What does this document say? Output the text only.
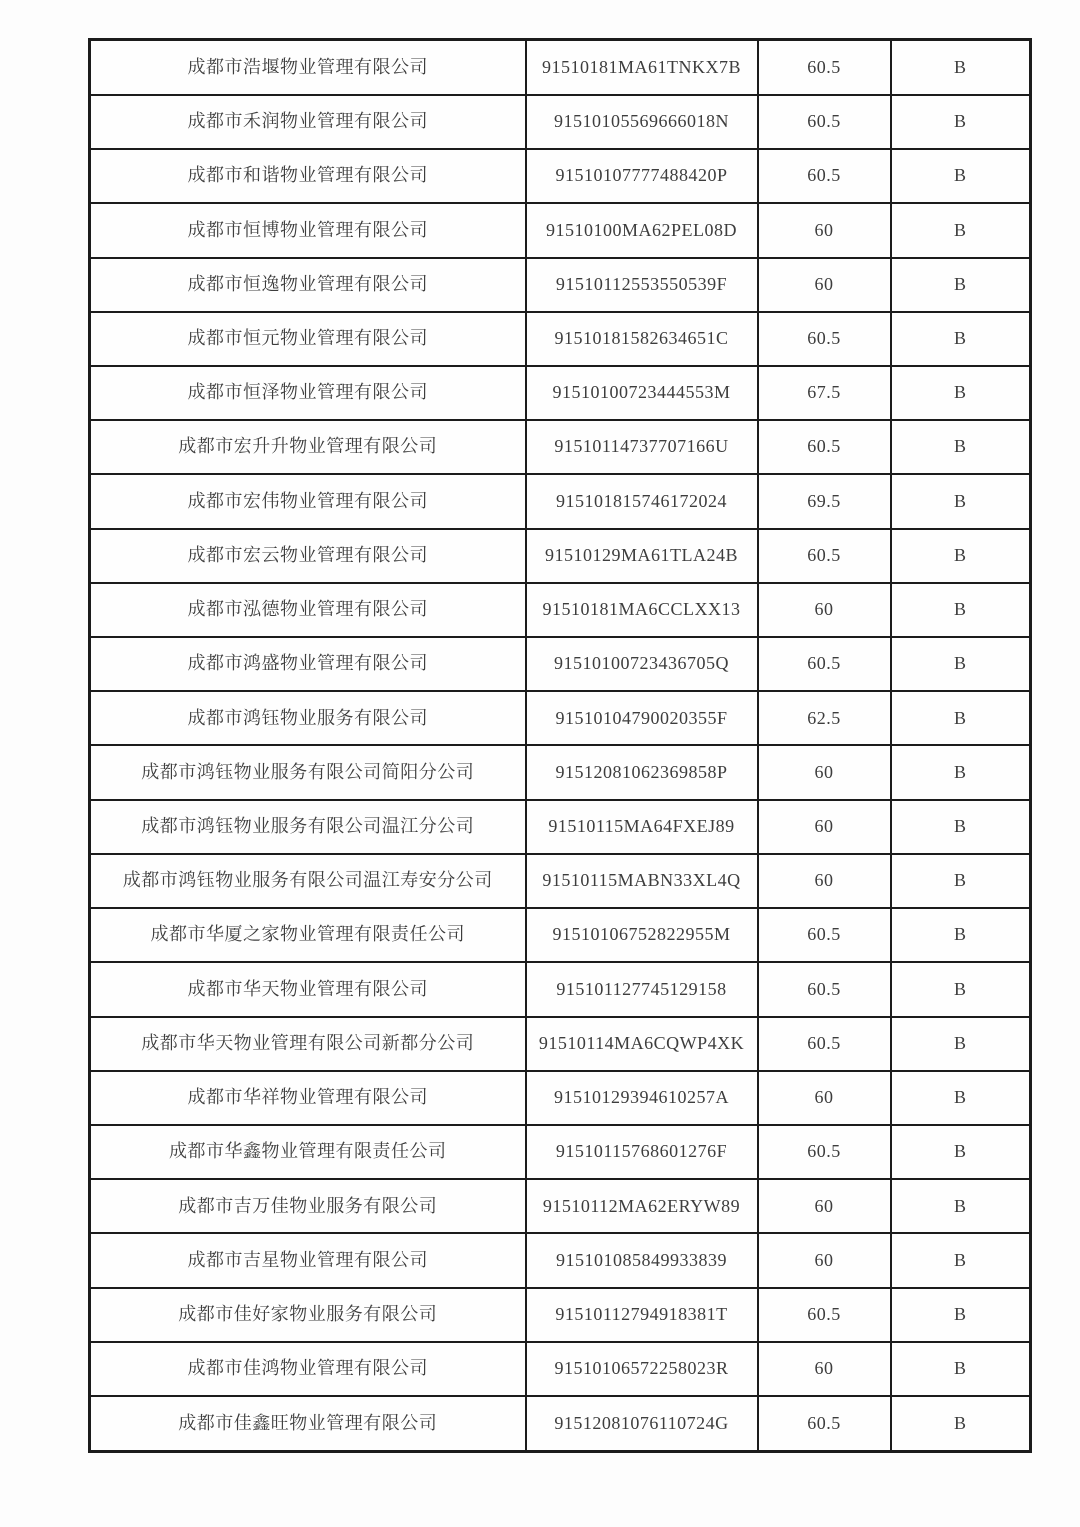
成都市浩堰物业管理有限公司	91510181MA61TNKX7B	60.5	B
成都市禾润物业管理有限公司	91510105569666018N	60.5	B
成都市和谐物业管理有限公司	91510107777488420P	60.5	B
成都市恒博物业管理有限公司	91510100MA62PEL08D	60	B
成都市恒逸物业管理有限公司	91510112553550539F	60	B
成都市恒元物业管理有限公司	91510181582634651C	60.5	B
成都市恒泽物业管理有限公司	91510100723444553M	67.5	B
成都市宏升升物业管理有限公司	91510114737707166U	60.5	B
成都市宏伟物业管理有限公司	915101815746172024	69.5	B
成都市宏云物业管理有限公司	91510129MA61TLA24B	60.5	B
成都市泓德物业管理有限公司	91510181MA6CCLXX13	60	B
成都市鸿盛物业管理有限公司	91510100723436705Q	60.5	B
成都市鸿钰物业服务有限公司	91510104790020355F	62.5	B
成都市鸿钰物业服务有限公司简阳分公司	91512081062369858P	60	B
成都市鸿钰物业服务有限公司温江分公司	91510115MA64FXEJ89	60	B
成都市鸿钰物业服务有限公司温江寿安分公司	91510115MABN33XL4Q	60	B
成都市华厦之家物业管理有限责任公司	91510106752822955M	60.5	B
成都市华天物业管理有限公司	915101127745129158	60.5	B
成都市华天物业管理有限公司新都分公司	91510114MA6CQWP4XK	60.5	B
成都市华祥物业管理有限公司	91510129394610257A	60	B
成都市华鑫物业管理有限责任公司	91510115768601276F	60.5	B
成都市吉万佳物业服务有限公司	91510112MA62ERYW89	60	B
成都市吉星物业管理有限公司	915101085849933839	60	B
成都市佳好家物业服务有限公司	91510112794918381T	60.5	B
成都市佳鸿物业管理有限公司	91510106572258023R	60	B
成都市佳鑫旺物业管理有限公司	91512081076110724G	60.5	B
